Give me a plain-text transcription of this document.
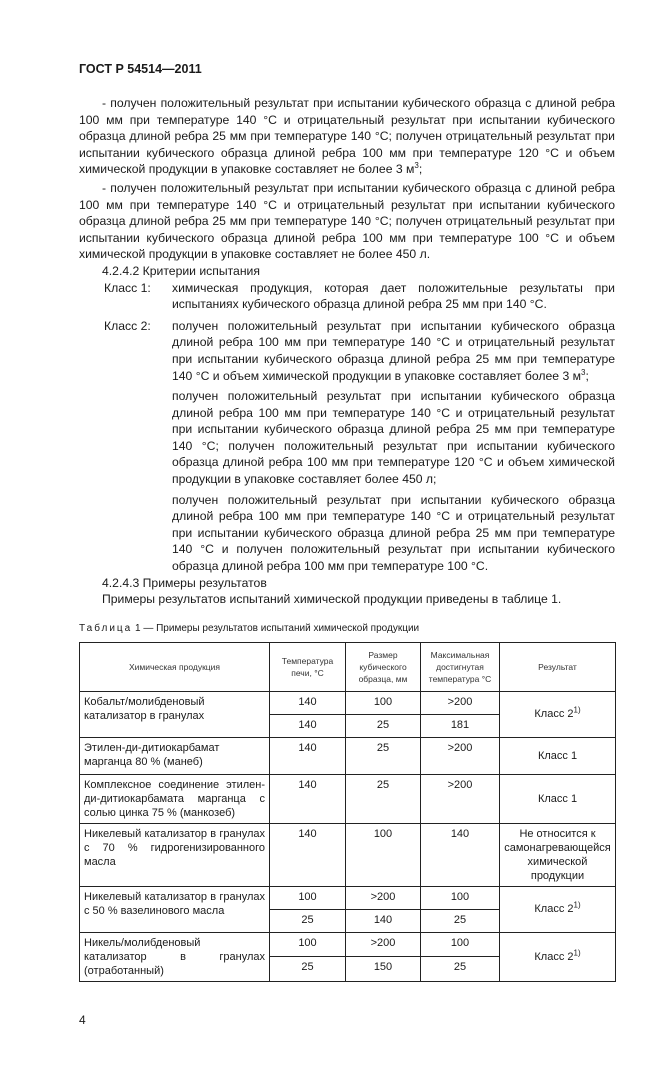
ГОСТ Р 54514—2011

- получен положительный результат при испытании кубического образца с длиной ребра 100 мм при температуре 140 °С и отрицательный результат при испытании кубического образца длиной ребра 25 мм при температуре 140 °С; получен отрицательный результат при испытании кубического образца длиной ребра 100 мм при температуре 120 °С и объем химической продукции в упаковке составляет не более 3 $м^3$;

- получен положительный результат при испытании кубического образца с длиной ребра 100 мм при температуре 140 °С и отрицательный результат при испытании кубического образца длиной ребра 25 мм при температуре 140 °С; получен отрицательный результат при испытании кубического образца длиной ребра 100 мм при температуре 100 °С и объем химической продукции в упаковке составляет не более 450 л.

4.2.4.2 Критерии испытания

Класс 1:	химическая продукция, которая дает положительные результаты при испытаниях кубического образца длиной ребра 25 мм при 140 °С.
Класс 2:	получен положительный результат при испытании кубического образца длиной ребра 100 мм при температуре 140 °С и отрицательный результат при испытании кубического образца длиной ребра 25 мм при температуре 140 °С и объем химической продукции в упаковке составляет более 3 $м^3$;

получен положительный результат при испытании кубического образца длиной ребра 100 мм при температуре 140 °С и отрицательный результат при испытании кубического образца длиной ребра 25 мм при температуре 140 °С; получен положительный результат при испытании кубического образца длиной ребра 100 мм при температуре 120 °С и объем химической продукции в упаковке составляет более 450 л;

получен положительный результат при испытании кубического образца длиной ребра 100 мм при температуре 140 °С и отрицательный результат при испытании кубического образца длиной ребра 25 мм при температуре 140 °С и получен положительный результат при испытании кубического образца длиной ребра 100 мм при температуре 100 °С.

4.2.4.3 Примеры результатов

Примеры результатов испытаний химической продукции приведены в таблице 1.

Таблица 1 — Примеры результатов испытаний химической продукции
Химическая продукция	Температура печи, °С	Размер кубического образца, мм	Максимальная достигнутая температура °С	Результат
Кобальт/молибденовый катализатор в гранулах	140	100	>200	Класс 2$^{1)}$
	140	25	181	
Этилен-ди-дитиокарбамат марганца 80 % (манеб)	140	25	>200	Класс 1
Комплексное соединение этилен-ди-дитиокарбамата марганца с солью цинка 75 % (манкозеб)	140	25	>200	Класс 1
Никелевый катализатор в гранулах с 70 % гидрогенизированного масла	140	100	140	Не относится к самонагревающейся химической продукции
Никелевый катализатор в гранулах с 50 % вазелинового масла	100	>200	100	Класс 2$^{1)}$
	25	140	25	
Никель/молибденовый катализатор в гранулах (отработанный)	100	>200	100	Класс 2$^{1)}$
	25	150	25	
4
